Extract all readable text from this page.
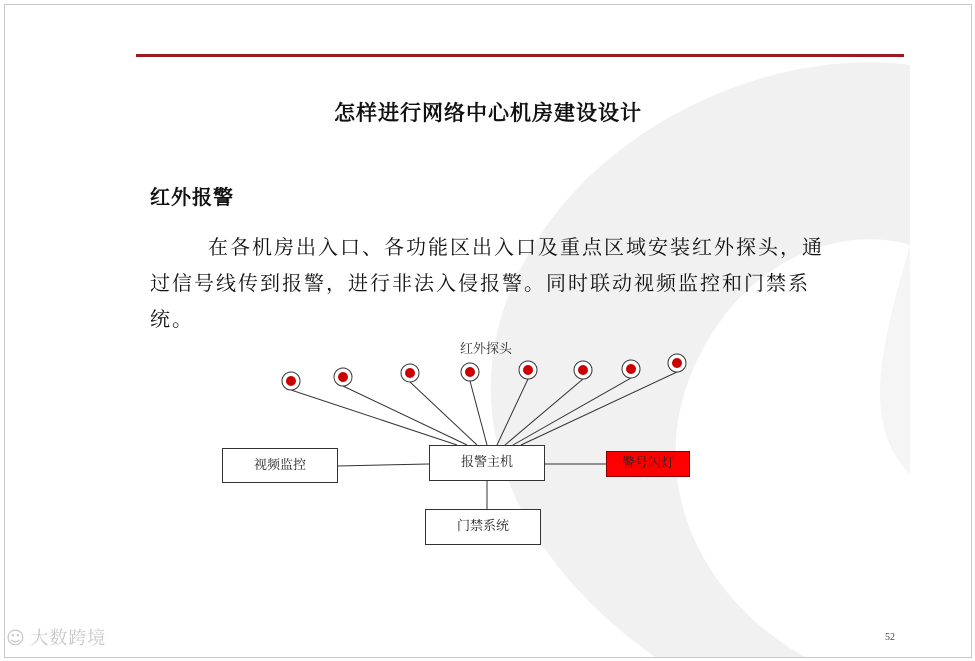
怎样进行网络中心机房建设设计
红外报警
在各机房出入口、各功能区出入口及重点区域安装红外探头，通过信号线传到报警，进行非法入侵报警。同时联动视频监控和门禁系统。
红外探头
报警主机
视频监控	警号闪灯
门禁系统
52
☺ 大数跨境
